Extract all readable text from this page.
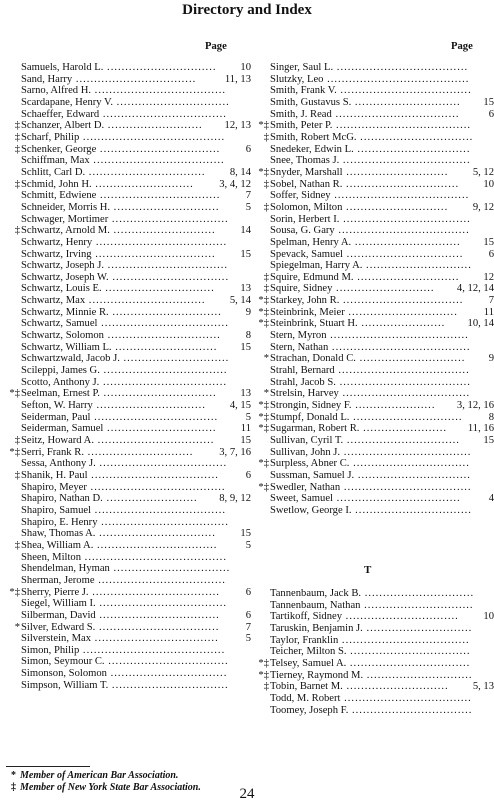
Directory and Index
Page	Page
Samuels, Harold L. .............................. 10
Sand, Harry .................................	11, 13
Sarno, Alfred H. ....................................
Scardapane, Henry V. ...............................
Schaeffer, Edward ..................................
‡ Schanzer, Albert D. .......................... 12, 13
‡ Scharf, Philip .......................................
‡ Schenker, George ................................. 6
Schiffman, Max ....................................
Schlitt, Carl D. ................................ 8, 14
‡ Schmid, John H. ........................... 3, 4, 12
Schmitt, Edwiene ................................. 7
Schneider, Morris H. ............................. 5
Schwager, Mortimer ................................
‡ Schwartz, Arnold M. ............................ 14
Schwartz, Henry ....................................
Schwartz, Irving ................................. 15
Schwartz, Joseph J. .................................
Schwartz, Joseph W. ................................
Schwartz, Louis E. .............................. 13
Schwartz, Max ................................ 5, 14
Schwartz, Minnie R. .............................. 9
Schwartz, Samuel ...................................
Schwartz, Solomon ............................... 8
Schwartz, William L. ............................ 15
Schwartzwald, Jacob J. .............................
Scileppi, James G. ..................................
Scotto, Anthony J. ..................................
*‡ Seelman, Ernest P. ............................... 13
Sefton, W. Harry .............................. 4, 15
Seiderman, Paul ..................................	5
Seiderman, Samuel .............................. 11
‡ Seitz, Howard A. ................................ 15
*‡ Serri, Frank R. ............................. 3, 7, 16
Sessa, Anthony J. ...................................
‡ Shanik, H. Paul ...................................	6
Shapiro, Meyer .....................................
Shapiro, Nathan D. ......................... 8, 9, 12
Shapiro, Samuel ....................................
Shapiro, E. Henry ...................................
Shaw, Thomas A. ................................ 15
‡ Shea, William A. .................................	5
Sheen, Milton .......................................
Shendelman, Hyman ................................
Sherman, Jerome ...................................
*‡ Sherry, Pierre J. ................................... 6
Siegel, William I. ...................................
Silberman, David ................................. 6
* Silver, Edward S. ................................. 7
Silverstein, Max ..................................	5
Simon, Philip .......................................
Simon, Seymour C. .................................
Simonson, Solomon ................................
Simpson, William T. ................................
Singer, Saul L. ....................................
Slutzky, Leo .......................................
Smith, Frank V. ....................................
Smith, Gustavus S. ............................. 15
Smith, J. Read ..................................	6
*‡ Smith, Peter P. .....................................
‡ Smith, Robert McG. ...............................
Snedeker, Edwin L. ...............................
Snee, Thomas J. ...................................
*‡ Snyder, Marshall ............................ 5, 12
‡ Sobel, Nathan R. ............................... 10
Soffer, Sidney .....................................
‡ Solomon, Milton ............................ 9, 12
Sorin, Herbert I. ...................................
Sousa, G. Gary ....................................
Spelman, Henry A. ............................. 15
Spevack, Samuel ................................ 6
Spiegelman, Harry A. .............................
‡ Squire, Edmund M. ............................ 12
‡ Squire, Sidney ........................... 4, 12, 14
*‡ Starkey, John R. ................................. 7
*‡ Steinbrink, Meier .............................. 11
*‡ Steinbrink, Stuart H. ....................... 10, 14
Stern, Myron ......................................
Stern, Nathan ......................................
* Strachan, Donald C. ............................. 9
Strahl, Bernard ....................................
Strahl, Jacob S. ....................................
* Strelsin, Harvey ...................................
*‡ Strongin, Sidney F. ...................... 3, 12, 16
*‡ Stumpf, Donald L. .............................. 8
*‡ Sugarman, Robert R. ....................... 11, 16
Sullivan, Cyril T. ............................... 15
Sullivan, John J. ...................................
*‡ Surpless, Abner C. ................................
Sussman, Samuel J. ...............................
*‡ Swedler, Nathan ...................................
Sweet, Samuel ..................................	4
Swetlow, George I. ................................
T
Tannenbaum, Jack B. ..............................
Tannenbaum, Nathan ..............................
Tartikoff, Sidney ............................... 10
Taruskin, Benjamin J. .............................
Taylor, Franklin ...................................
Teicher, Milton S. .................................
*‡ Telsey, Samuel A. .................................
*‡ Tierney, Raymond M. .............................
‡ Tobin, Barnet M. ............................ 5, 13
Todd, M. Robert ...................................
Toomey, Joseph F. .................................
* Member of American Bar Association.
‡ Member of New York State Bar Association.	24
